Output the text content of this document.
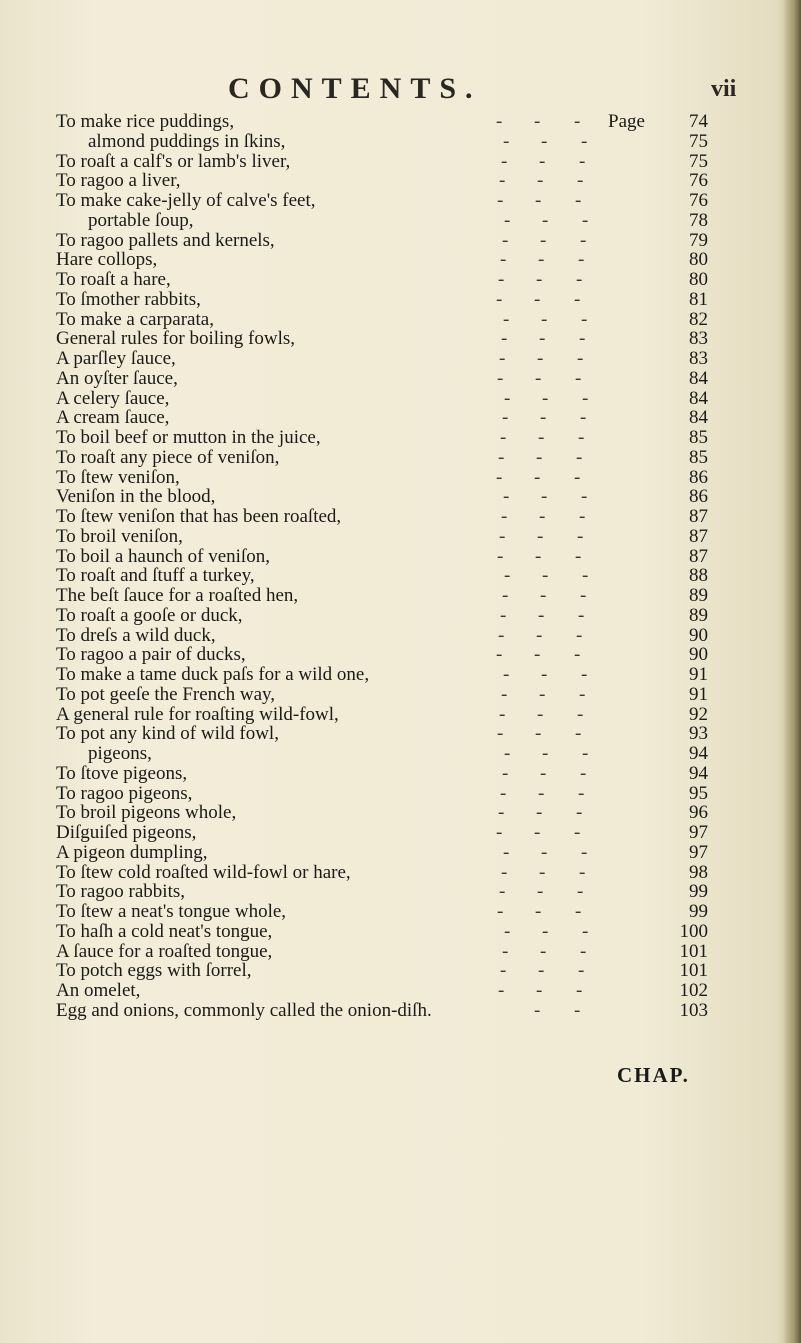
CONTENTS.	vii
To make rice puddings,	- - - Page	74
almond puddings in ſkins,	- - -	75
To roaſt a calf's or lamb's liver,	- - -	75
To ragoo a liver,	- - -	76
To make cake-jelly of calve's feet,	- - -	76
portable ſoup,	- - -	78
To ragoo pallets and kernels,	- - -	79
Hare collops,	- - -	80
To roaſt a hare,	- - -	80
To ſmother rabbits,	- - -	81
To make a carparata,	- - -	82
General rules for boiling fowls,	- - -	83
A parſley ſauce,	- - -	83
An oyſter ſauce,	- - -	84
A celery ſauce,	- - -	84
A cream ſauce,	- - -	84
To boil beef or mutton in the juice,	- - -	85
To roaſt any piece of veniſon,	- - -	85
To ſtew veniſon,	- - -	86
Veniſon in the blood,	- - -	86
To ſtew veniſon that has been roaſted,	- - -	87
To broil veniſon,	- - -	87
To boil a haunch of veniſon,	- - -	87
To roaſt and ſtuff a turkey,	- - -	88
The beſt ſauce for a roaſted hen,	- - -	89
To roaſt a gooſe or duck,	- - -	89
To dreſs a wild duck,	- - -	90
To ragoo a pair of ducks,	- - -	90
To make a tame duck paſs for a wild one,	- - -	91
To pot geeſe the French way,	- - -	91
A general rule for roaſting wild-fowl,	- - -	92
To pot any kind of wild fowl,	- - -	93
pigeons,	- - -	94
To ſtove pigeons,	- - -	94
To ragoo pigeons,	- - -	95
To broil pigeons whole,	- - -	96
Diſguiſed pigeons,	- - -	97
A pigeon dumpling,	- - -	97
To ſtew cold roaſted wild-fowl or hare,	- - -	98
To ragoo rabbits,	- - -	99
To ſtew a neat's tongue whole,	- - -	99
To haſh a cold neat's tongue,	- - -	100
A ſauce for a roaſted tongue,	- - -	101
To potch eggs with ſorrel,	- - -	101
An omelet,	- - -	102
Egg and onions, commonly called the onion-diſh.	- -	103
CHAP.
